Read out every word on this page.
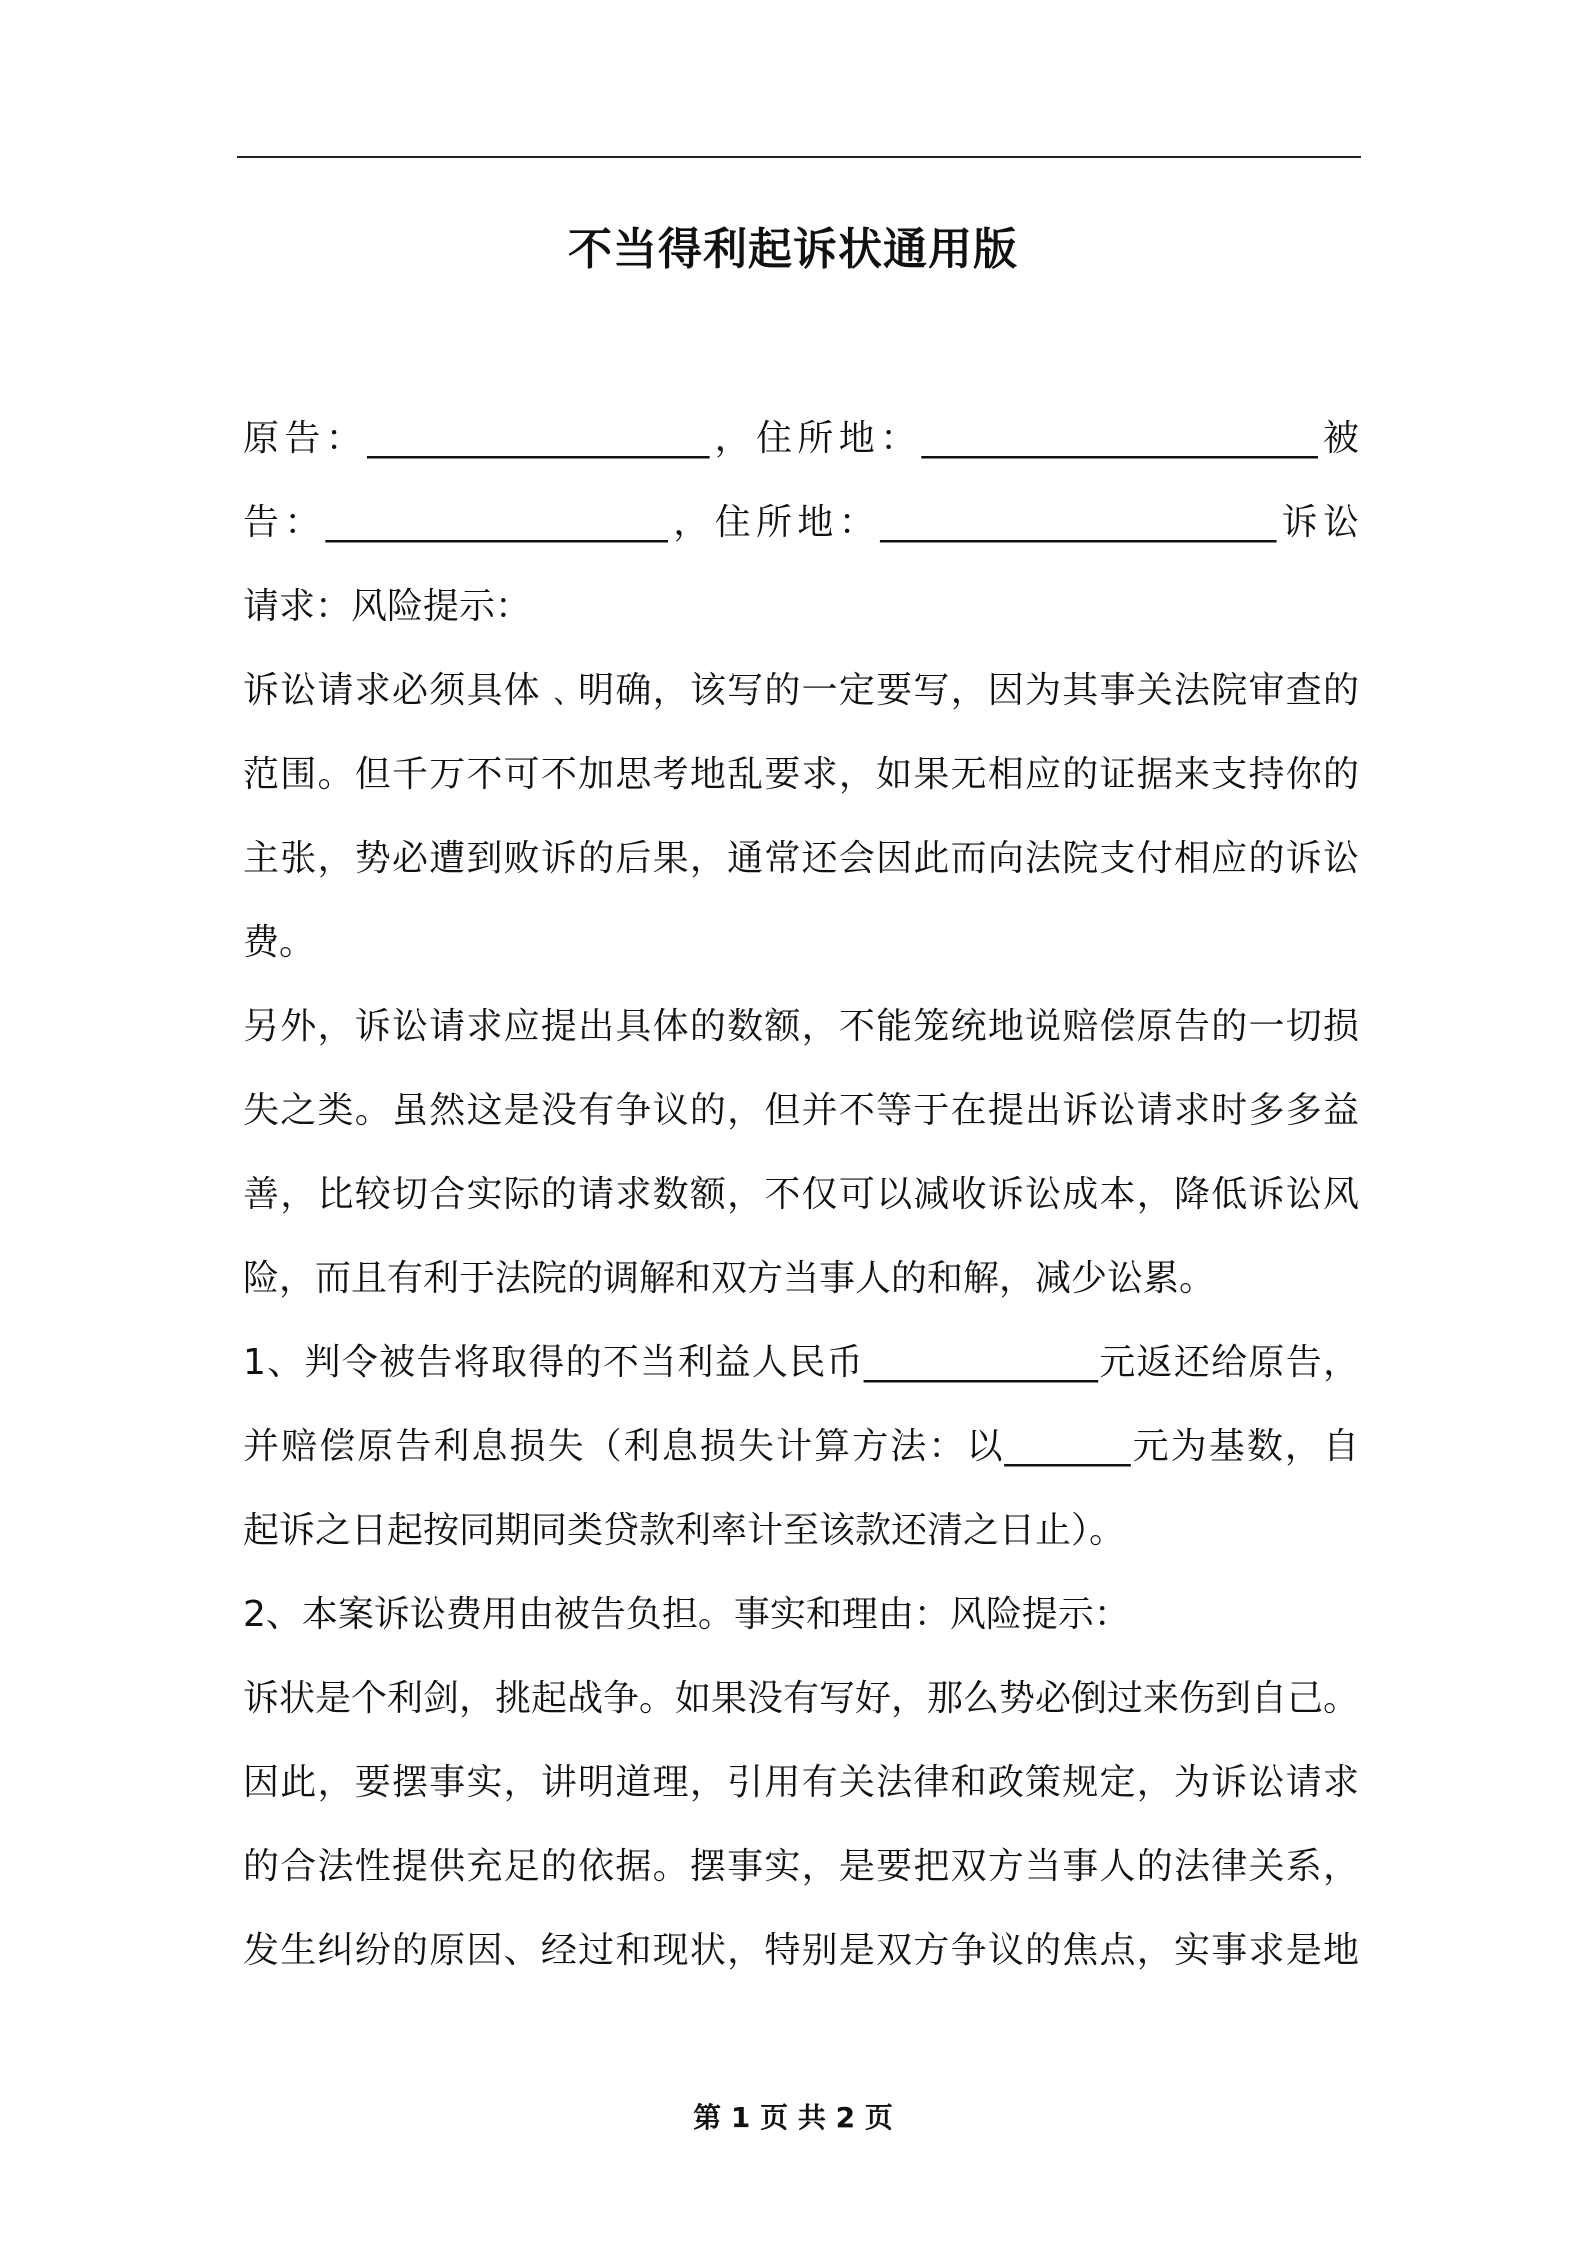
不当得利起诉状通用版
原告：___________________，住所地：______________________被
告：___________________，住所地：______________________诉讼
请求：风险提示：
诉讼请求必须具体﹑明确，该写的一定要写，因为其事关法院审查的
范围。但千万不可不加思考地乱要求，如果无相应的证据来支持你的
主张，势必遭到败诉的后果，通常还会因此而向法院支付相应的诉讼
费。
另外，诉讼请求应提出具体的数额，不能笼统地说赔偿原告的一切损
失之类。虽然这是没有争议的，但并不等于在提出诉讼请求时多多益
善，比较切合实际的请求数额，不仅可以减收诉讼成本，降低诉讼风
险，而且有利于法院的调解和双方当事人的和解，减少讼累。
1、判令被告将取得的不当利益人民币_____________元返还给原告，
并赔偿原告利息损失（利息损失计算方法：以_______元为基数，自
起诉之日起按同期同类贷款利率计至该款还清之日止）。
2、本案诉讼费用由被告负担。事实和理由：风险提示：
诉状是个利剑，挑起战争。如果没有写好，那么势必倒过来伤到自己。
因此，要摆事实，讲明道理，引用有关法律和政策规定，为诉讼请求
的合法性提供充足的依据。摆事实，是要把双方当事人的法律关系，
发生纠纷的原因、经过和现状，特别是双方争议的焦点，实事求是地
第 1 页 共 2 页
